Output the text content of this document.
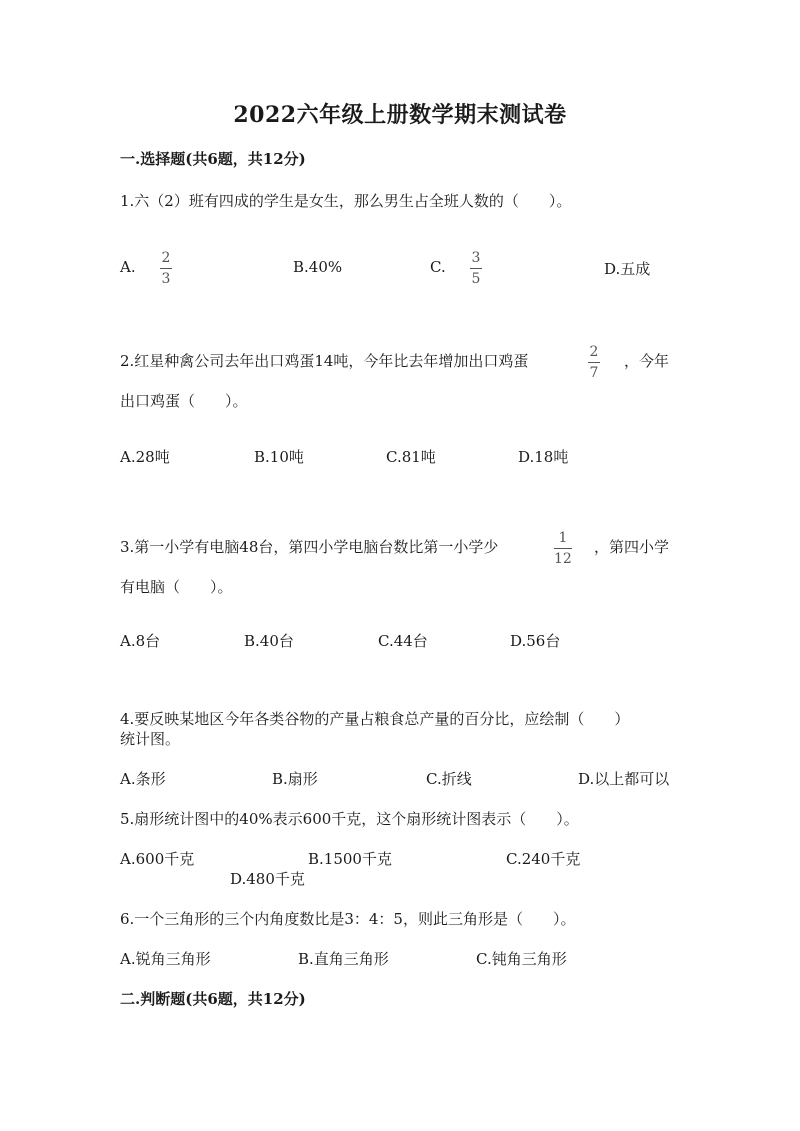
2022六年级上册数学期末测试卷
一.选择题(共6题，共12分)
1.六（2）班有四成的学生是女生，那么男生占全班人数的（　　）。
A. 2
3
B.40%	C. 3
5
D.五成
2.红星种禽公司去年出口鸡蛋14吨，今年比去年增加出口鸡蛋	2
7
，今年
出口鸡蛋（　　）。
A.28吨	B.10吨	C.81吨	D.18吨
3.第一小学有电脑48台，第四小学电脑台数比第一小学少	1
12
，第四小学
有电脑（　　）。
A.8台	B.40台	C.44台	D.56台
4.要反映某地区今年各类谷物的产量占粮食总产量的百分比，应绘制（　　）
统计图。
A.条形	B.扇形	C.折线	D.以上都可以
5.扇形统计图中的40%表示600千克，这个扇形统计图表示（　　）。
A.600千克	B.1500千克	C.240千克
D.480千克
6.一个三角形的三个内角度数比是3：4：5，则此三角形是（　　）。
A.锐角三角形	B.直角三角形	C.钝角三角形
二.判断题(共6题，共12分)
